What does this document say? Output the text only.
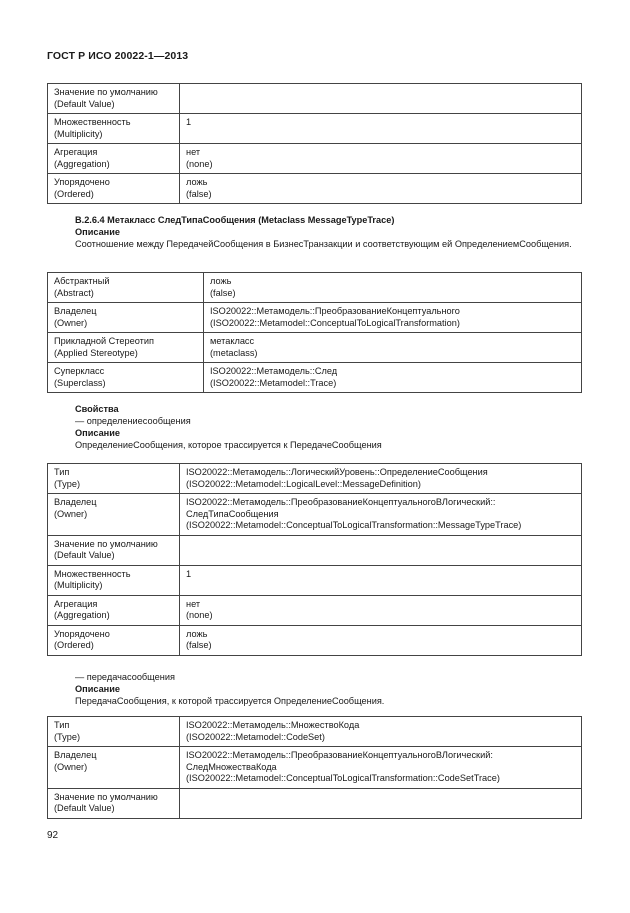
ГОСТ Р ИСО 20022-1—2013
Значение по умолчанию
(Default Value)	

Множественность
(Multiplicity)	1

Агрегация
(Aggregation)	нет
(none)

Упорядочено
(Ordered)	ложь
(false)
B.2.6.4 Метакласс СледТипаСообщения (Metaclass MessageTypeTrace)
Описание
Соотношение между ПередачейСообщения в БизнесТранзакции и соответствующим ей ОпределениемСообщения.
Абстрактный
(Abstract)	ложь
(false)

Владелец
(Owner)	ISO20022::Метамодель::ПреобразованиеКонцептуального
(ISO20022::Metamodel::ConceptualToLogicalTransformation)

Прикладной Стереотип
(Applied Stereotype)	метакласс
(metaclass)

Суперкласс
(Superclass)	ISO20022::Метамодель::След
(ISO20022::Metamodel::Trace)
Свойства
— определениесообщения
Описание
ОпределениеСообщения, которое трассируется к ПередачеСообщения
Тип
(Type)	ISO20022::Метамодель::ЛогическийУровень::ОпределениеСообщения
(ISO20022::Metamodel::LogicalLevel::MessageDefinition)

Владелец
(Owner)	ISO20022::Метамодель::ПреобразованиеКонцептуальногоВЛогический::
СледТипаСообщения
(ISO20022::Metamodel::ConceptualToLogicalTransformation::MessageTypeTrace)

Значение по умолчанию
(Default Value)	

Множественность
(Multiplicity)	1

Агрегация
(Aggregation)	нет
(none)

Упорядочено
(Ordered)	ложь
(false)
— передачасообщения
Описание
ПередачаСообщения, к которой трассируется ОпределениеСообщения.
Тип
(Type)	ISO20022::Метамодель::МножествоКода
(ISO20022::Metamodel::CodeSet)

Владелец
(Owner)	ISO20022::Метамодель::ПреобразованиеКонцептуальногоВЛогический:
СледМножестваКода
(ISO20022::Metamodel::ConceptualToLogicalTransformation::CodeSetTrace)

Значение по умолчанию
(Default Value)	

92
